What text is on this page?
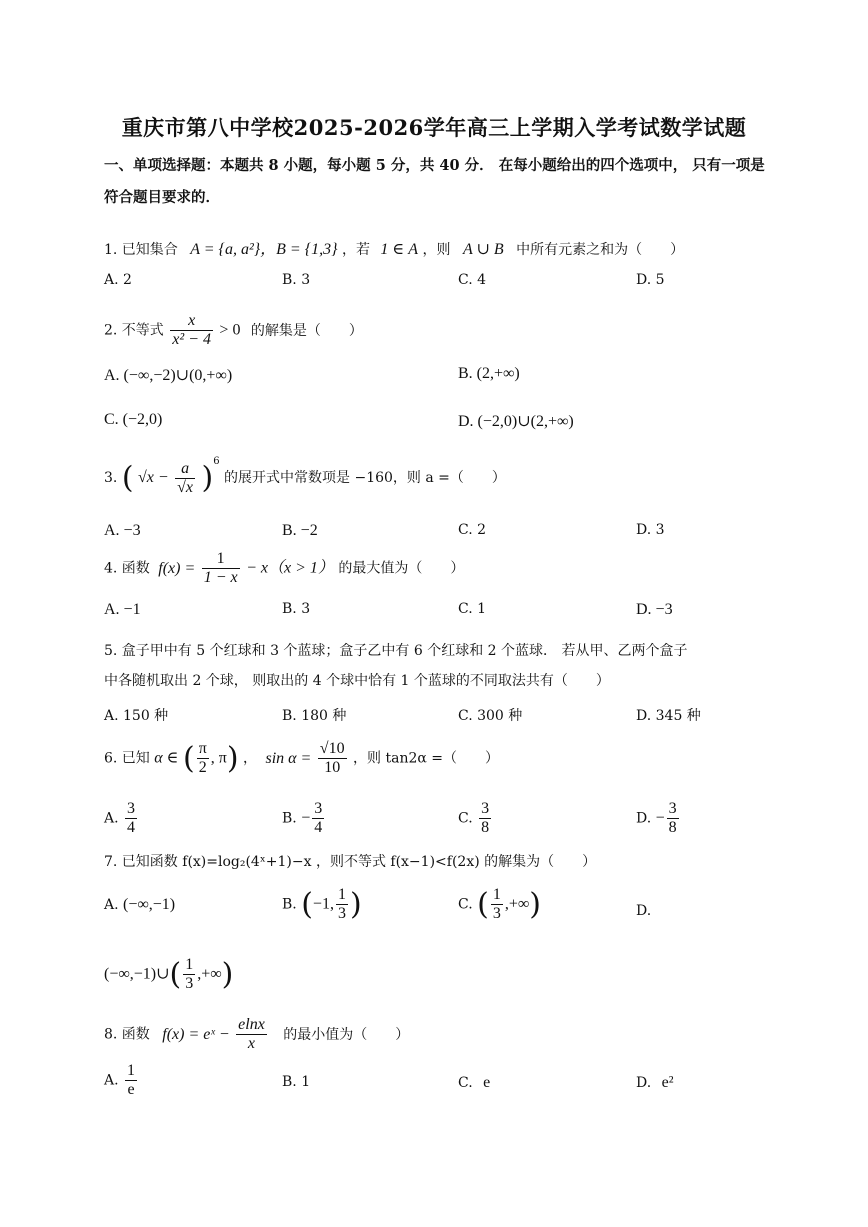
重庆市第八中学校2025-2026学年高三上学期入学考试数学试题
一、单项选择题：本题共 8 小题，每小题 5 分，共 40 分． 在每小题给出的四个选项中， 只有一项是符合题目要求的．
1. 已知集合 A = {a, a²}，B = {1,3} ，若 1 ∈ A ，则 A ∪ B 中所有元素之和为（　　）
A. 2	B. 3	C. 4	D. 5
2. 不等式 $\frac{x}{\text{x² − 4}} > 0$ 的解集是（　　）
A. (−∞,−2)∪(0,+∞)	B. (2,+∞)
C. (−2,0)	D. (−2,0)∪(2,+∞)
3. ( $√x - \frac{a}{√x} )^6$ 的展开式中常数项是 −160，则 a =（　　）
A. −3	B. −2	C. 2	D. 3
4. 函数 $f(x) = \frac{1}{1 - x} - x(x > 1)$ 的最大值为（　　）
A. −1	B. 3	C. 1	D. −3
5. 盒子甲中有 5 个红球和 3 个蓝球；盒子乙中有 6 个红球和 2 个蓝球． 若从甲、乙两个盒子
中各随机取出 2 个球， 则取出的 4 个球中恰有 1 个蓝球的不同取法共有（　　）
A. 150 种	B. 180 种	C. 300 种	D. 345 种
6. 已知 α ∈ ( $\frac{\pi}{2}$ , π) ， $\sin \alpha = \frac{√10}{10}$ ，则 tan2α =（　　）
A. $\frac{3}{4}$	B. − $\frac{3}{4}$	C. $\frac{3}{8}$	D. − $\frac{3}{8}$
7. 已知函数 f(x)=log₂(4ˣ+1)−x ，则不等式 f(x−1)<f(2x) 的解集为（　　）
A. (−∞,−1)	B. (−1, $\frac{1}{3}$ )	C. ( $\frac{1}{3}$ ,+∞)	D.
(−∞,−1)∪( $\frac{1}{3}$ ,+∞)
8. 函数 f(x) = eˣ − $\frac{elnx}{x}$ 的最小值为（　　）
A. $\frac{1}{e}$	B. 1	C. e	D. e²
